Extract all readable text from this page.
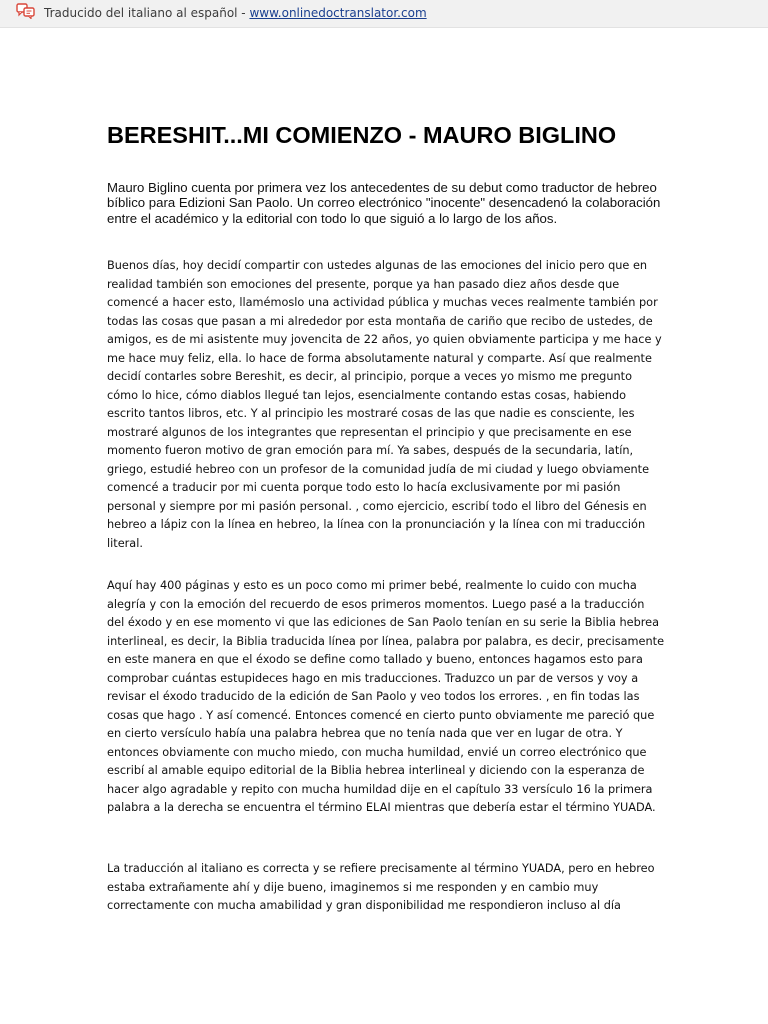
Traducido del italiano al español - www.onlinedoctranslator.com
BERESHIT...MI COMIENZO - MAURO BIGLINO

Mauro Biglino cuenta por primera vez los antecedentes de su debut como traductor de hebreo bíblico para Edizioni San Paolo. Un correo electrónico "inocente" desencadenó la colaboración entre el académico y la editorial con todo lo que siguió a lo largo de los años.

Buenos días, hoy decidí compartir con ustedes algunas de las emociones del inicio pero que en realidad también son emociones del presente, porque ya han pasado diez años desde que comencé a hacer esto, llamémoslo una actividad pública y muchas veces realmente también por todas las cosas que pasan a mi alrededor por esta montaña de cariño que recibo de ustedes, de amigos, es de mi asistente muy jovencita de 22 años, yo quien obviamente participa y me hace y me hace muy feliz, ella. lo hace de forma absolutamente natural y comparte. Así que realmente decidí contarles sobre Bereshit, es decir, al principio, porque a veces yo mismo me pregunto cómo lo hice, cómo diablos llegué tan lejos, esencialmente contando estas cosas, habiendo escrito tantos libros, etc. Y al principio les mostraré cosas de las que nadie es consciente, les mostraré algunos de los integrantes que representan el principio y que precisamente en ese momento fueron motivo de gran emoción para mí. Ya sabes, después de la secundaria, latín, griego, estudié hebreo con un profesor de la comunidad judía de mi ciudad y luego obviamente comencé a traducir por mi cuenta porque todo esto lo hacía exclusivamente por mi pasión personal y siempre por mi pasión personal. , como ejercicio, escribí todo el libro del Génesis en hebreo a lápiz con la línea en hebreo, la línea con la pronunciación y la línea con mi traducción literal.

Aquí hay 400 páginas y esto es un poco como mi primer bebé, realmente lo cuido con mucha alegría y con la emoción del recuerdo de esos primeros momentos. Luego pasé a la traducción del éxodo y en ese momento vi que las ediciones de San Paolo tenían en su serie la Biblia hebrea interlineal, es decir, la Biblia traducida línea por línea, palabra por palabra, es decir, precisamente en este manera en que el éxodo se define como tallado y bueno, entonces hagamos esto para comprobar cuántas estupideces hago en mis traducciones. Traduzco un par de versos y voy a revisar el éxodo traducido de la edición de San Paolo y veo todos los errores. , en fin todas las cosas que hago . Y así comencé. Entonces comencé en cierto punto obviamente me pareció que en cierto versículo había una palabra hebrea que no tenía nada que ver en lugar de otra. Y entonces obviamente con mucho miedo, con mucha humildad, envié un correo electrónico que escribí al amable equipo editorial de la Biblia hebrea interlineal y diciendo con la esperanza de hacer algo agradable y repito con mucha humildad dije en el capítulo 33 versículo 16 la primera palabra a la derecha se encuentra el término ELAI mientras que debería estar el término YUADA.

La traducción al italiano es correcta y se refiere precisamente al término YUADA, pero en hebreo estaba extrañamente ahí y dije bueno, imaginemos si me responden y en cambio muy correctamente con mucha amabilidad y gran disponibilidad me respondieron incluso al día
